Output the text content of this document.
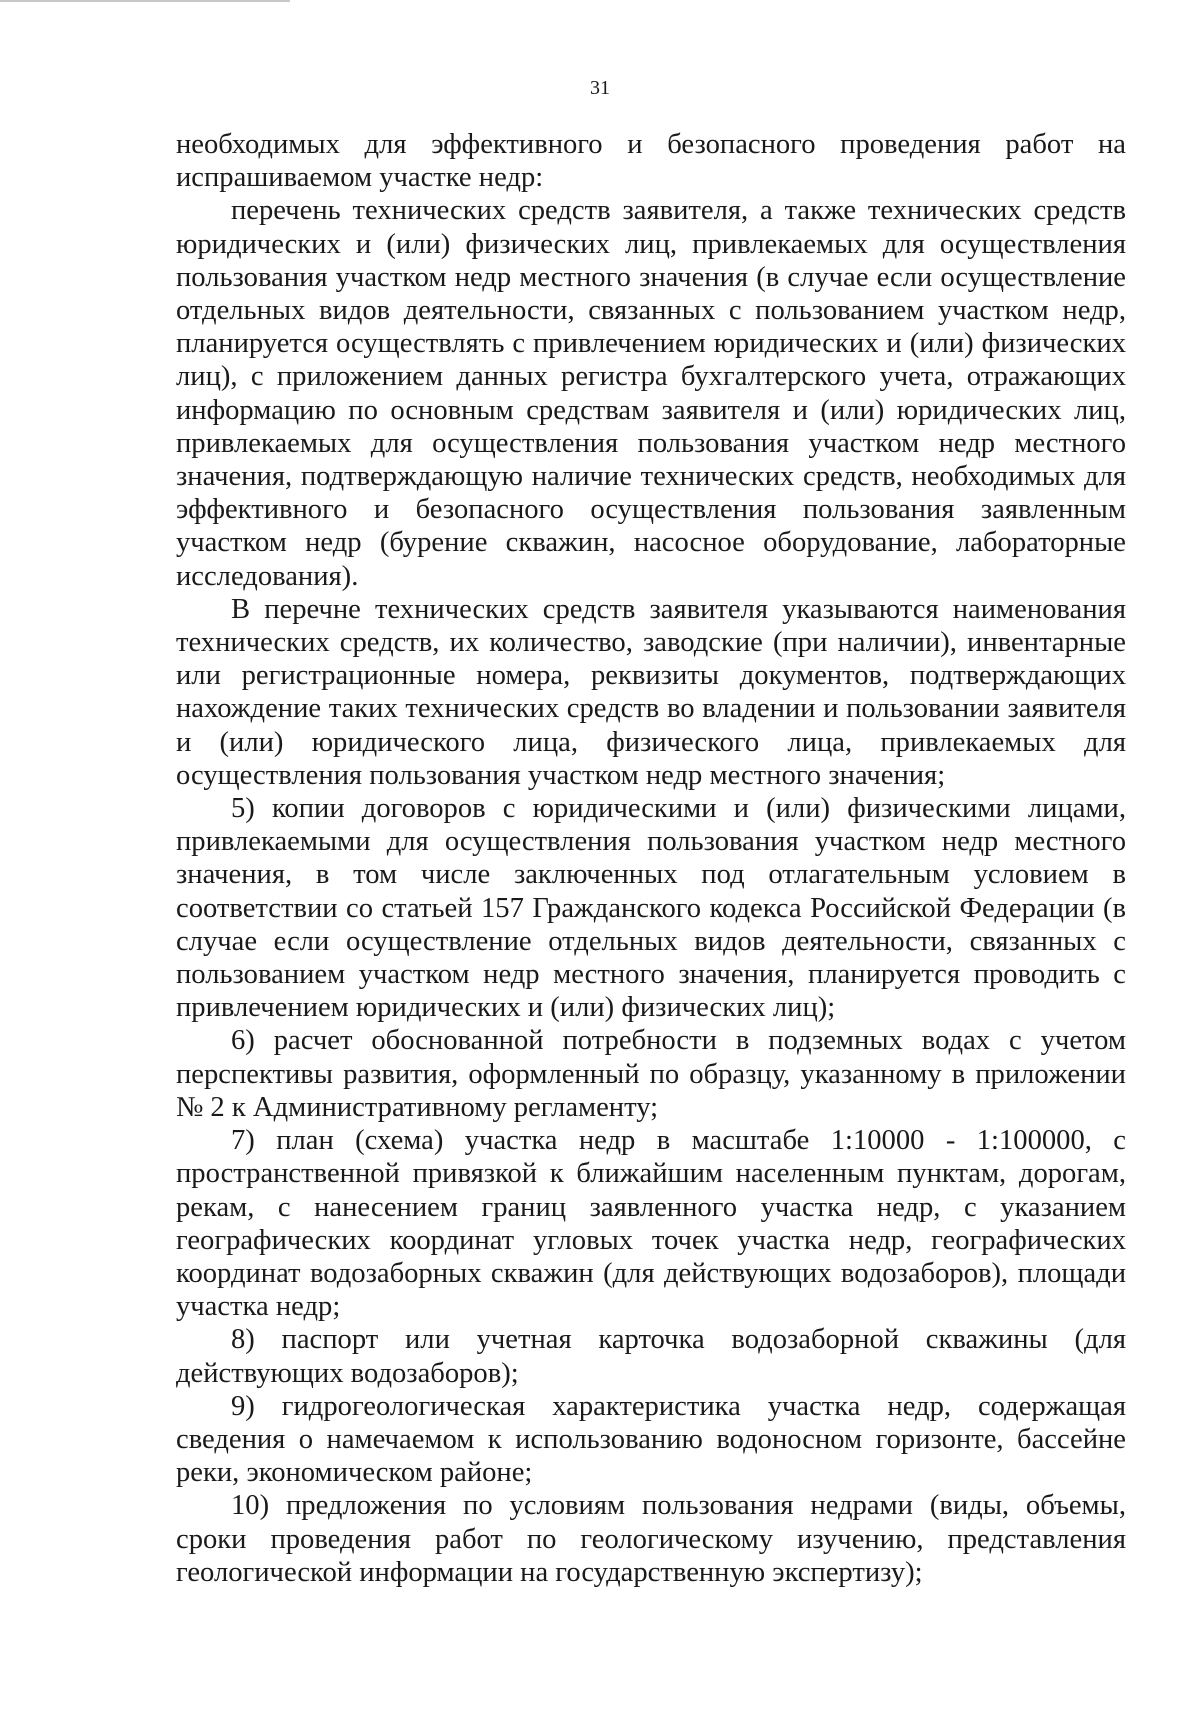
31

необходимых для эффективного и безопасного проведения работ на испрашиваемом участке недр:

перечень технических средств заявителя, а также технических средств юридических и (или) физических лиц, привлекаемых для осуществления пользования участком недр местного значения (в случае если осуществление отдельных видов деятельности, связанных с пользованием участком недр, планируется осуществлять с привлечением юридических и (или) физических лиц), с приложением данных регистра бухгалтерского учета, отражающих информацию по основным средствам заявителя и (или) юридических лиц, привлекаемых для осуществления пользования участком недр местного значения, подтверждающую наличие технических средств, необходимых для эффективного и безопасного осуществления пользования заявленным участком недр (бурение скважин, насосное оборудование, лабораторные исследования).

В перечне технических средств заявителя указываются наименования технических средств, их количество, заводские (при наличии), инвентарные или регистрационные номера, реквизиты документов, подтверждающих нахождение таких технических средств во владении и пользовании заявителя и (или) юридического лица, физического лица, привлекаемых для осуществления пользования участком недр местного значения;

5) копии договоров с юридическими и (или) физическими лицами, привлекаемыми для осуществления пользования участком недр местного значения, в том числе заключенных под отлагательным условием в соответствии со статьей 157 Гражданского кодекса Российской Федерации (в случае если осуществление отдельных видов деятельности, связанных с пользованием участком недр местного значения, планируется проводить с привлечением юридических и (или) физических лиц);

6) расчет обоснованной потребности в подземных водах с учетом перспективы развития, оформленный по образцу, указанному в приложении № 2 к Административному регламенту;

7) план (схема) участка недр в масштабе 1:10000 - 1:100000, с пространственной привязкой к ближайшим населенным пунктам, дорогам, рекам, с нанесением границ заявленного участка недр, с указанием географических координат угловых точек участка недр, географических координат водозаборных скважин (для действующих водозаборов), площади участка недр;

8) паспорт или учетная карточка водозаборной скважины (для действующих водозаборов);

9) гидрогеологическая характеристика участка недр, содержащая сведения о намечаемом к использованию водоносном горизонте, бассейне реки, экономическом районе;

10) предложения по условиям пользования недрами (виды, объемы, сроки проведения работ по геологическому изучению, представления геологической информации на государственную экспертизу);
